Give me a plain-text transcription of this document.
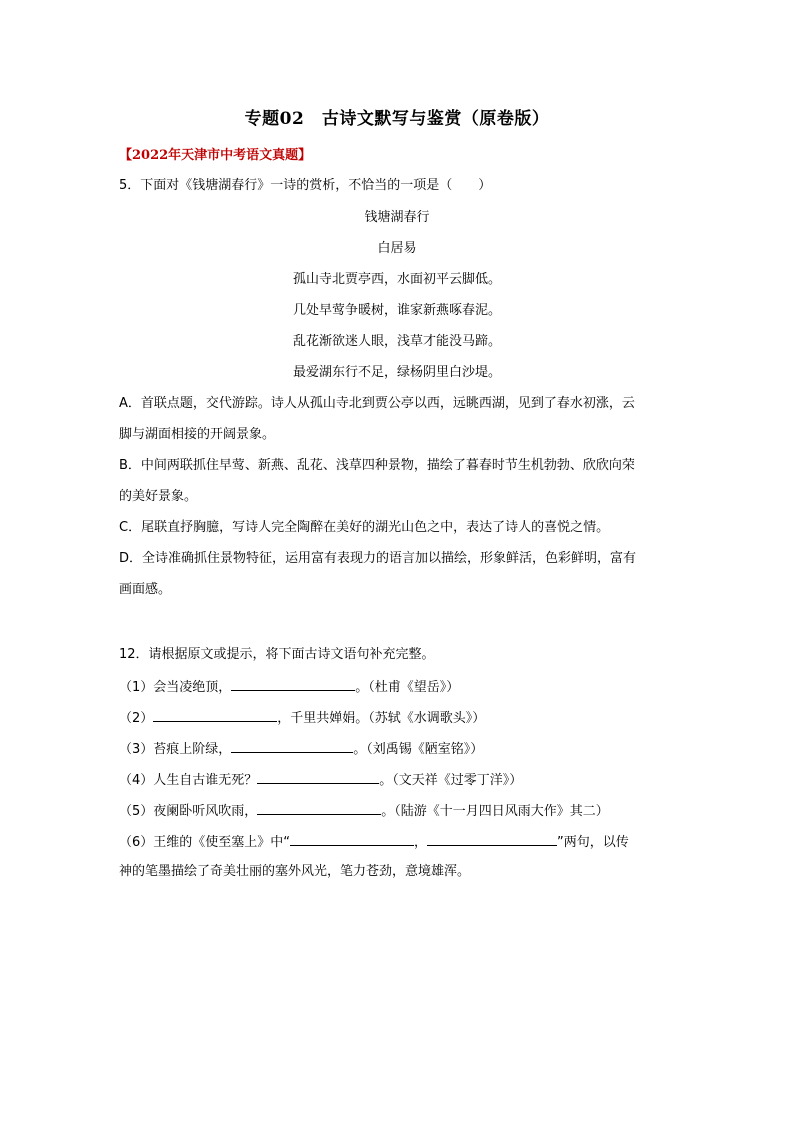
专题02　古诗文默写与鉴赏（原卷版）
【2022年天津市中考语文真题】
5．下面对《钱塘湖春行》一诗的赏析，不恰当的一项是（　　）
钱塘湖春行
白居易
孤山寺北贾亭西，水面初平云脚低。
几处早莺争暖树，谁家新燕啄春泥。
乱花渐欲迷人眼，浅草才能没马蹄。
最爱湖东行不足，绿杨阴里白沙堤。
A．首联点题，交代游踪。诗人从孤山寺北到贾公亭以西，远眺西湖，见到了春水初涨，云
脚与湖面相接的开阔景象。
B．中间两联抓住早莺、新燕、乱花、浅草四种景物，描绘了暮春时节生机勃勃、欣欣向荣
的美好景象。
C．尾联直抒胸臆，写诗人完全陶醉在美好的湖光山色之中，表达了诗人的喜悦之情。
D．全诗准确抓住景物特征，运用富有表现力的语言加以描绘，形象鲜活，色彩鲜明，富有
画面感。
12．请根据原文或提示，将下面古诗文语句补充完整。
（1）会当凌绝顶，	。（杜甫《望岳》）
（2）	，千里共婵娟。（苏轼《水调歌头》）
（3）苔痕上阶绿，	。（刘禹锡《陋室铭》）
（4）人生自古谁无死？	。（文天祥《过零丁洋》）
（5）夜阑卧听风吹雨，	。（陆游《十一月四日风雨大作》其二）
（6）王维的《使至塞上》中“	，	”两句，以传
神的笔墨描绘了奇美壮丽的塞外风光，笔力苍劲，意境雄浑。
